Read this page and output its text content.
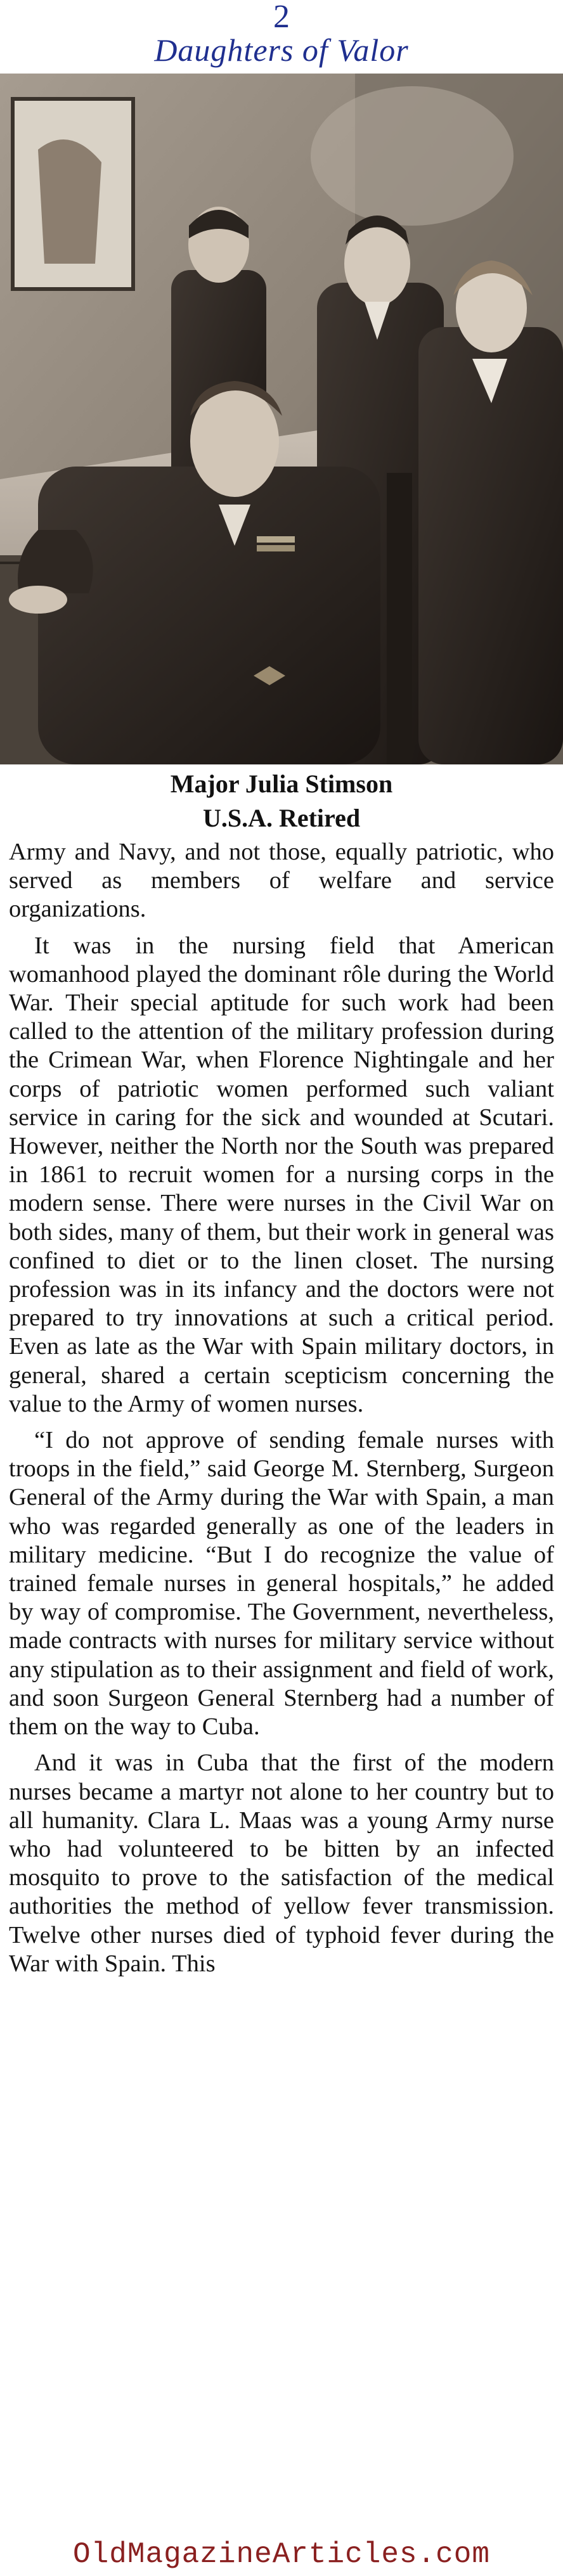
2
Daughters of Valor
Major Julia Stimson
U.S.A. Retired

Army and Navy, and not those, equally patriotic, who served as members of welfare and service organizations.

It was in the nursing field that American womanhood played the dominant rôle during the World War. Their special aptitude for such work had been called to the attention of the military profession during the Crimean War, when Florence Nightingale and her corps of patriotic women performed such valiant service in caring for the sick and wounded at Scutari. However, neither the North nor the South was prepared in 1861 to recruit women for a nursing corps in the modern sense. There were nurses in the Civil War on both sides, many of them, but their work in general was confined to diet or to the linen closet. The nursing profession was in its infancy and the doctors were not prepared to try innovations at such a critical period. Even as late as the War with Spain military doctors, in general, shared a certain scepticism concerning the value to the Army of women nurses.

“I do not approve of sending female nurses with troops in the field,” said George M. Sternberg, Surgeon General of the Army during the War with Spain, a man who was regarded generally as one of the leaders in military medicine. “But I do recognize the value of trained female nurses in general hospitals,” he added by way of compromise. The Government, nevertheless, made contracts with nurses for military service without any stipulation as to their assignment and field of work, and soon Surgeon General Sternberg had a number of them on the way to Cuba.

And it was in Cuba that the first of the modern nurses became a martyr not alone to her country but to all humanity. Clara L. Maas was a young Army nurse who had volunteered to be bitten by an infected mosquito to prove to the satisfaction of the medical authorities the method of yellow fever transmission. Twelve other nurses died of typhoid fever during the War with Spain. This

OldMagazineArticles.com
